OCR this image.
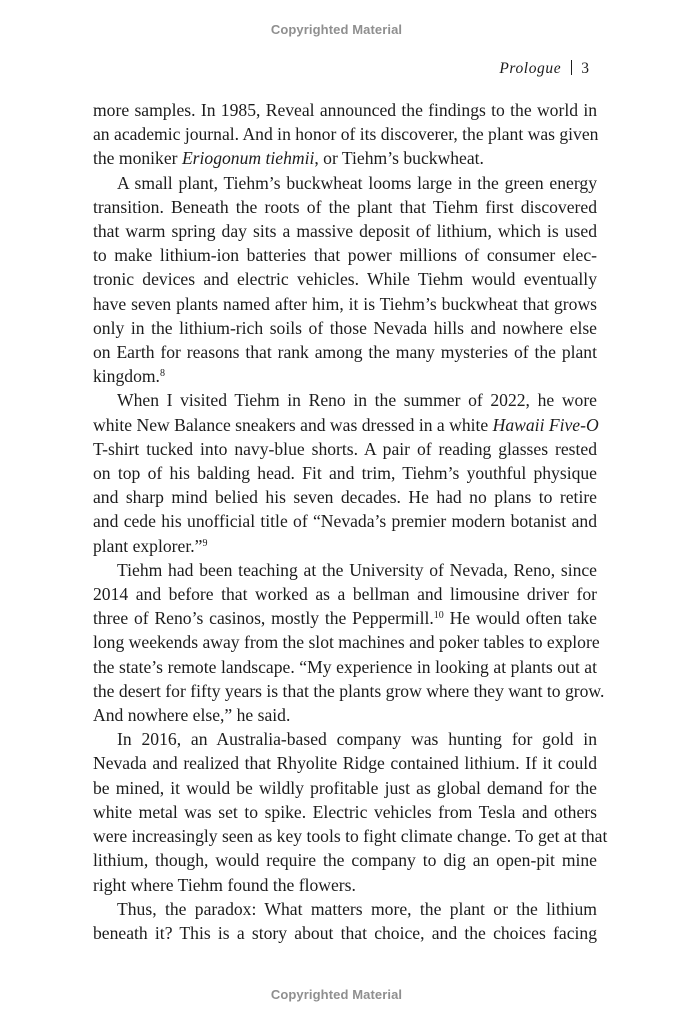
Copyrighted Material
Prologue 3
more samples. In 1985, Reveal announced the findings to the world in
an academic journal. And in honor of its discoverer, the plant was given
the moniker Eriogonum tiehmii, or Tiehm’s buckwheat.
A small plant, Tiehm’s buckwheat looms large in the green energy
transition. Beneath the roots of the plant that Tiehm first discovered
that warm spring day sits a massive deposit of lithium, which is used
to make lithium-ion batteries that power millions of consumer elec-
tronic devices and electric vehicles. While Tiehm would eventually
have seven plants named after him, it is Tiehm’s buckwheat that grows
only in the lithium-rich soils of those Nevada hills and nowhere else
on Earth for reasons that rank among the many mysteries of the plant
kingdom.$^8$
When I visited Tiehm in Reno in the summer of 2022, he wore
white New Balance sneakers and was dressed in a white Hawaii Five-O
T-shirt tucked into navy-blue shorts. A pair of reading glasses rested
on top of his balding head. Fit and trim, Tiehm’s youthful physique
and sharp mind belied his seven decades. He had no plans to retire
and cede his unofficial title of “Nevada’s premier modern botanist and
plant explorer.”$^9$
Tiehm had been teaching at the University of Nevada, Reno, since
2014 and before that worked as a bellman and limousine driver for
three of Reno’s casinos, mostly the Peppermill.$^{10}$ He would often take
long weekends away from the slot machines and poker tables to explore
the state’s remote landscape. “My experience in looking at plants out at
the desert for fifty years is that the plants grow where they want to grow.
And nowhere else,” he said.
In 2016, an Australia-based company was hunting for gold in
Nevada and realized that Rhyolite Ridge contained lithium. If it could
be mined, it would be wildly profitable just as global demand for the
white metal was set to spike. Electric vehicles from Tesla and others
were increasingly seen as key tools to fight climate change. To get at that
lithium, though, would require the company to dig an open-pit mine
right where Tiehm found the flowers.
Thus, the paradox: What matters more, the plant or the lithium
beneath it? This is a story about that choice, and the choices facing
Copyrighted Material
